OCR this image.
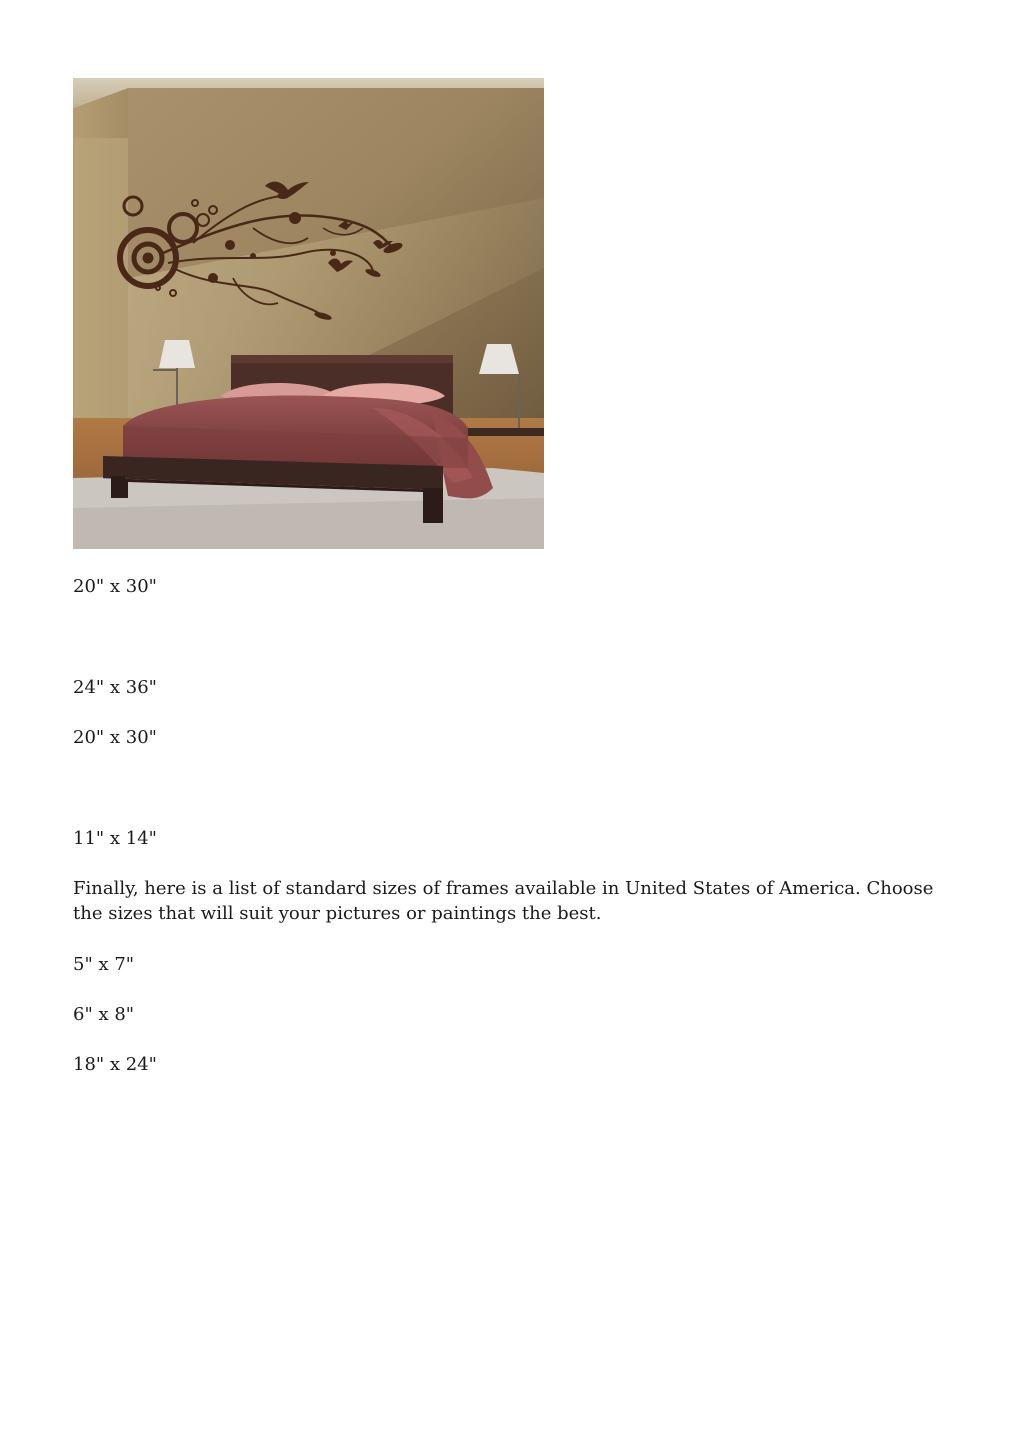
20" x 30"

24" x 36"

20" x 30"

11" x 14"

Finally, here is a list of standard sizes of frames available in United States of America. Choose the sizes that will suit your pictures or paintings the best.

5" x 7"

6" x 8"

18" x 24"
